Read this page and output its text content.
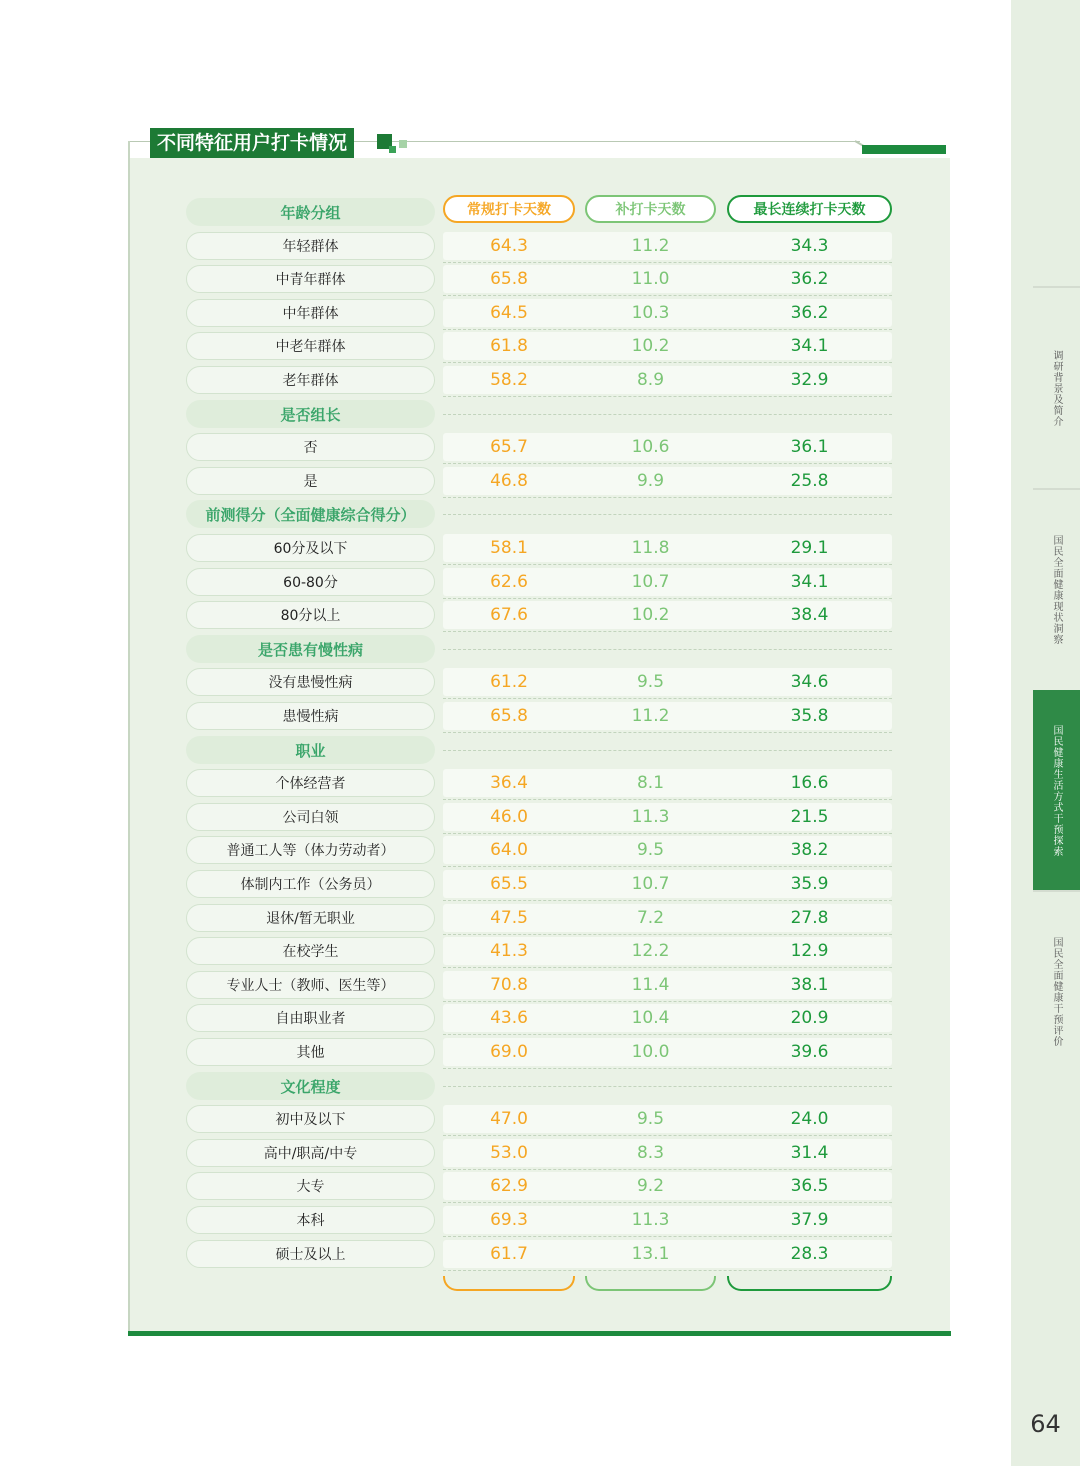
调研背景及简介
国民全面健康现状洞察
国民健康生活方式干预探索
国民全面健康干预评价
64
不同特征用户打卡情况
常规打卡天数	补打卡天数	最长连续打卡天数
年龄分组
年轻群体	64.3	11.2	34.3
中青年群体	65.8	11.0	36.2
中年群体	64.5	10.3	36.2
中老年群体	61.8	10.2	34.1
老年群体	58.2	8.9	32.9
是否组长
否	65.7	10.6	36.1
是	46.8	9.9	25.8
前测得分（全面健康综合得分）
60分及以下	58.1	11.8	29.1
60-80分	62.6	10.7	34.1
80分以上	67.6	10.2	38.4
是否患有慢性病
没有患慢性病	61.2	9.5	34.6
患慢性病	65.8	11.2	35.8
职业
个体经营者	36.4	8.1	16.6
公司白领	46.0	11.3	21.5
普通工人等（体力劳动者）	64.0	9.5	38.2
体制内工作（公务员）	65.5	10.7	35.9
退休/暂无职业	47.5	7.2	27.8
在校学生	41.3	12.2	12.9
专业人士（教师、医生等）	70.8	11.4	38.1
自由职业者	43.6	10.4	20.9
其他	69.0	10.0	39.6
文化程度
初中及以下	47.0	9.5	24.0
高中/职高/中专	53.0	8.3	31.4
大专	62.9	9.2	36.5
本科	69.3	11.3	37.9
硕士及以上	61.7	13.1	28.3
